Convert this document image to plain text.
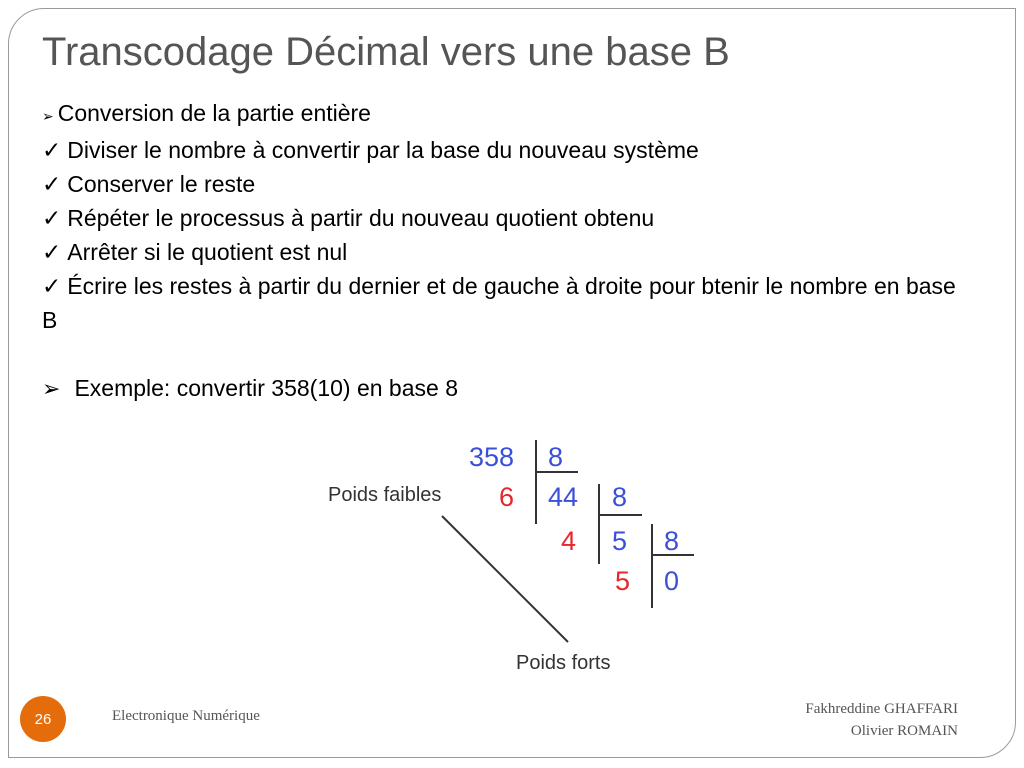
Transcodage Décimal vers une base B
➢ Conversion de la partie entière
✓ Diviser le nombre à convertir par la base du nouveau système
✓ Conserver le reste
✓ Répéter le processus à partir du nouveau quotient obtenu
✓ Arrêter si le quotient est nul
✓ Écrire les restes à partir du dernier et de gauche à droite pour btenir le nombre en base B
➢ Exemple: convertir 358(10) en base 8
358 8
6 44 8
4 5 8
5 0
Poids faibles
Poids forts
26	Electronique Numérique	Fakhreddine GHAFFARI
Olivier ROMAIN
